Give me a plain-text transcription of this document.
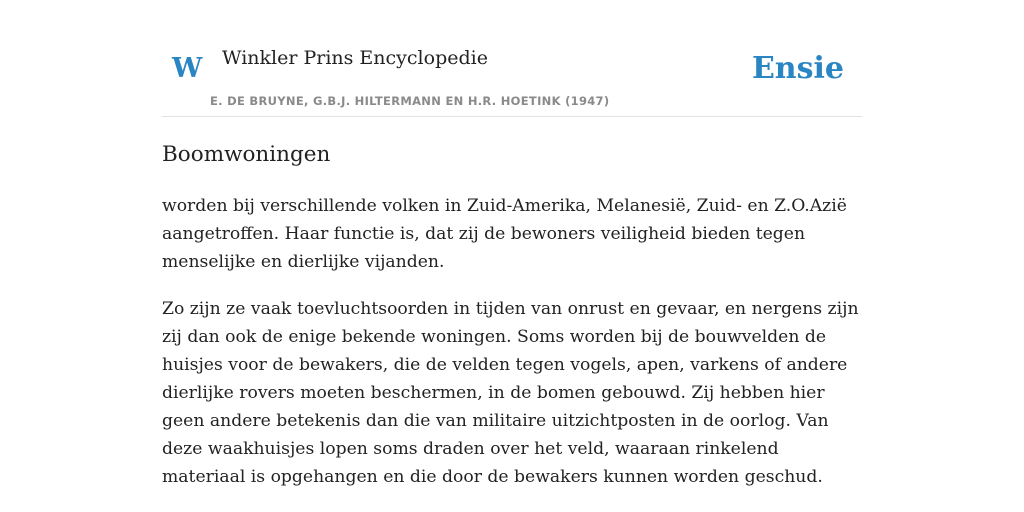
W Winkler Prins Encyclopedie
E. DE BRUYNE, G.B.J. HILTERMANN EN H.R. HOETINK (1947)
Ensie
Boomwoningen

worden bij verschillende volken in Zuid-Amerika, Melanesië, Zuid- en Z.O.Azië aangetroffen. Haar functie is, dat zij de bewoners veiligheid bieden tegen menselijke en dierlijke vijanden.

Zo zijn ze vaak toevluchtsoorden in tijden van onrust en gevaar, en nergens zijn zij dan ook de enige bekende woningen. Soms worden bij de bouwvelden de huisjes voor de bewakers, die de velden tegen vogels, apen, varkens of andere dierlijke rovers moeten beschermen, in de bomen gebouwd. Zij hebben hier geen andere betekenis dan die van militaire uitzichtposten in de oorlog. Van deze waakhuisjes lopen soms draden over het veld, waaraan rinkelend materiaal is opgehangen en die door de bewakers kunnen worden geschud.
